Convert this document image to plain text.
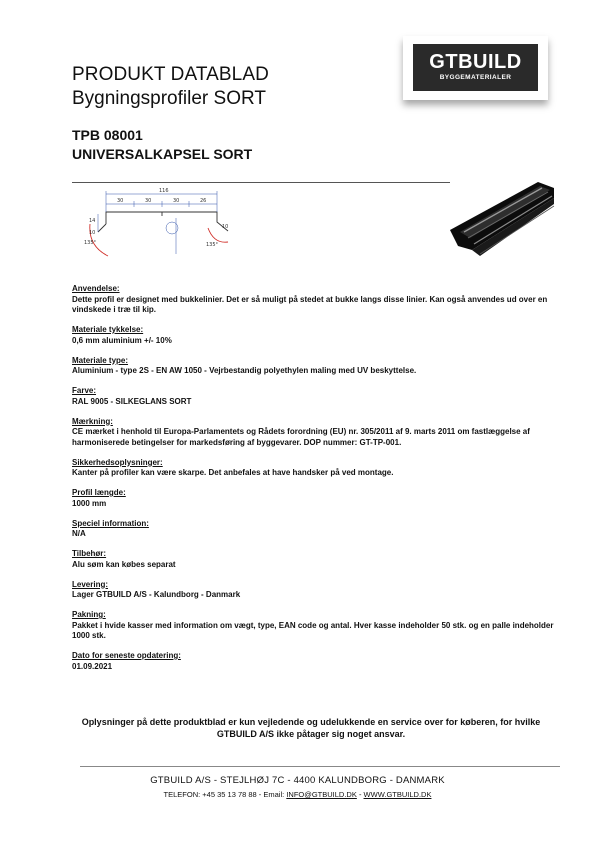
PRODUKT DATABLAD
Bygningsprofiler SORT
GTBUILD
BYGGEMATERIALER
TPB 08001
UNIVERSALKAPSEL SORT
116
30	30	30	26
14
10
10
135°	135°
Anvendelse:

Dette profil er designet med bukkelinier. Det er så muligt på stedet at bukke langs disse linier. Kan også anvendes ud over en vindskede i træ til kip.

Materiale tykkelse:

0,6 mm aluminium +/- 10%

Materiale type:

Aluminium - type 2S - EN AW 1050 - Vejrbestandig polyethylen maling med UV beskyttelse.

Farve:

RAL 9005 - SILKEGLANS SORT

Mærkning:

CE mærket i henhold til Europa-Parlamentets og Rådets forordning (EU) nr. 305/2011 af 9. marts 2011 om fastlæggelse af harmoniserede betingelser for markedsføring af byggevarer. DOP nummer: GT-TP-001.

Sikkerhedsoplysninger:

Kanter på profiler kan være skarpe. Det anbefales at have handsker på ved montage.

Profil længde:

1000 mm

Speciel information:

N/A

Tilbehør:

Alu søm kan købes separat

Levering:

Lager GTBUILD A/S - Kalundborg - Danmark

Pakning:

Pakket i hvide kasser med information om vægt, type, EAN code og antal. Hver kasse indeholder 50 stk. og en palle indeholder 1000 stk.

Dato for seneste opdatering:

01.09.2021

Oplysninger på dette produktblad er kun vejledende og udelukkende en service over for køberen, for hvilke GTBUILD A/S ikke påtager sig noget ansvar.
GTBUILD A/S - STEJLHØJ 7C - 4400 KALUNDBORG - DANMARK
TELEFON: +45 35 13 78 88 - Email: INFO@GTBUILD.DK - WWW.GTBUILD.DK
